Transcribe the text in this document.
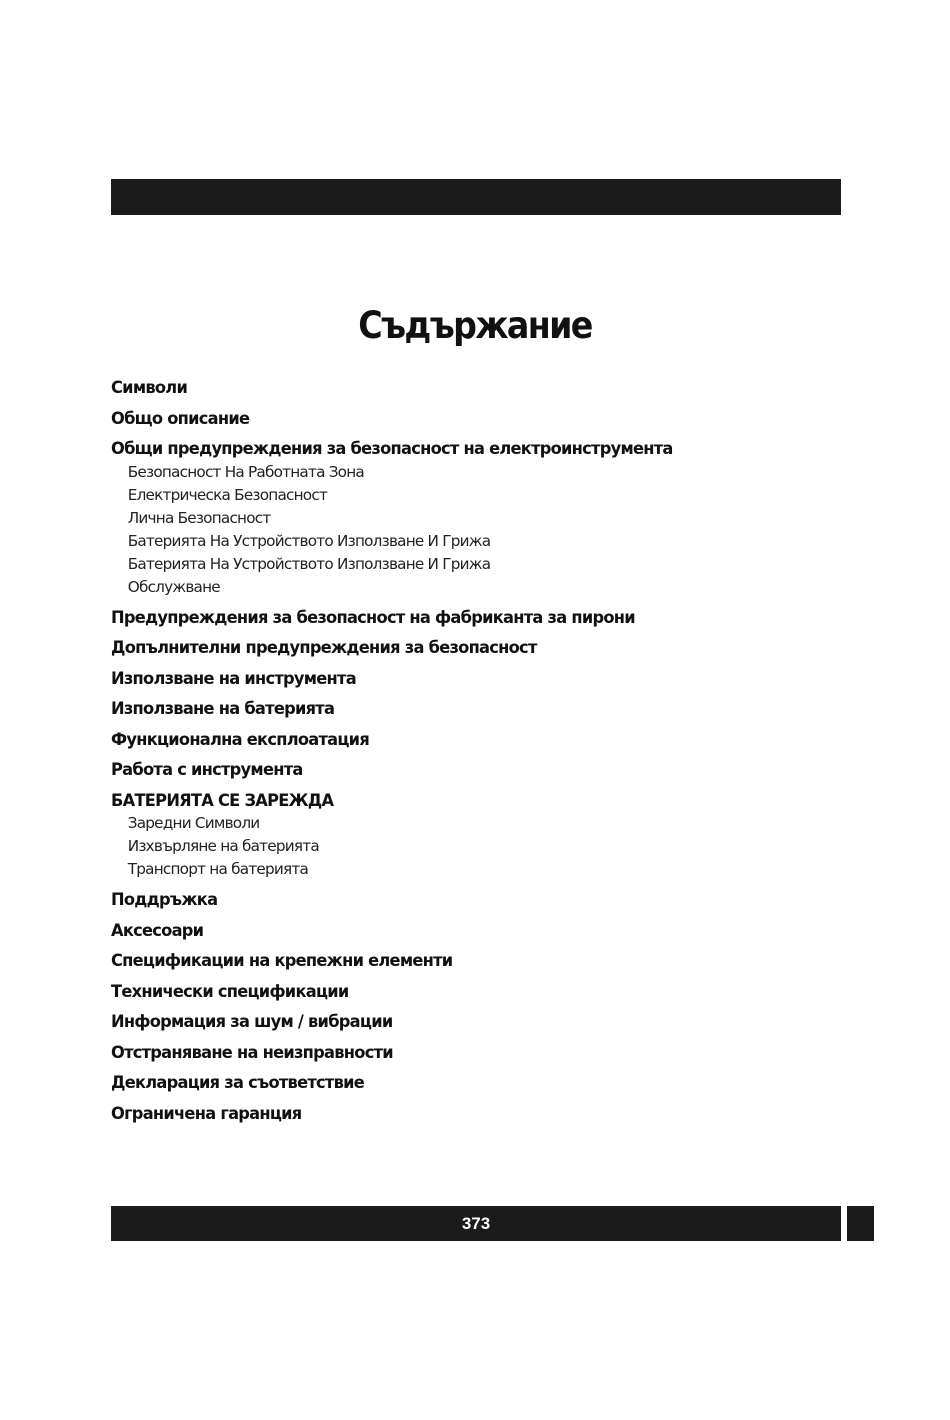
Съдържание
Символи
Общо описание
Общи предупреждения за безопасност на електроинструмента
Безопасност На Работната Зона
Електрическа Безопасност
Лична Безопасност
Батерията На Устройството Използване И Грижа
Батерията На Устройството Използване И Грижа
Обслужване
Предупреждения за безопасност на фабриканта за пирони
Допълнителни предупреждения за безопасност
Използване на инструмента
Използване на батерията
Функционална експлоатация
Работа с инструмента
БАТЕРИЯТА СЕ ЗАРЕЖДА
Заредни Символи
Изхвърляне на батерията
Транспорт на батерията
Поддръжка
Аксесоари
Спецификации на крепежни елементи
Технически спецификации
Информация за шум / вибрации
Отстраняване на неизправности
Декларация за съответствие
Ограничена гаранция
373
